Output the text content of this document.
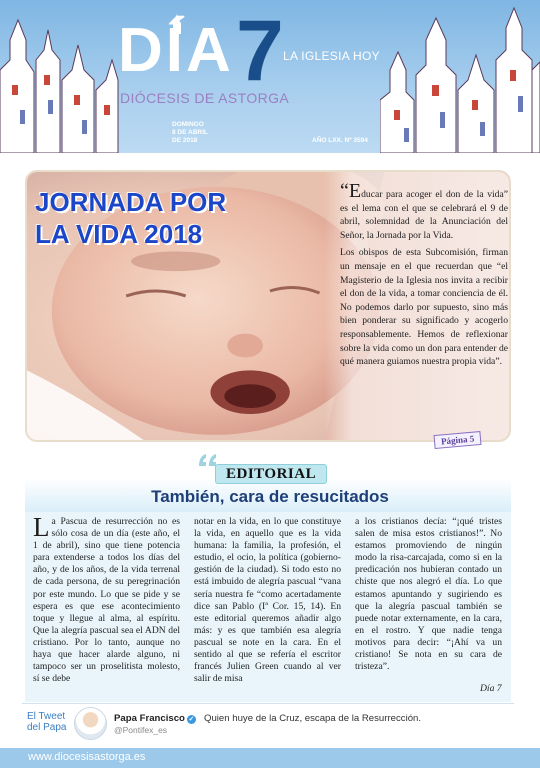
DÍA 7 LA IGLESIA HOY
DIÓCESIS DE ASTORGA
DOMINGO
8 DE ABRIL
DE 2018	AÑO LXX. Nº 3594
JORNADA POR
LA VIDA 2018

“Educar para acoger el don de la vida” es el lema con el que se celebrará el 9 de abril, solemnidad de la Anunciación del Señor, la Jornada por la Vida.

Los obispos de esta Subcomisión, firman un mensaje en el que recuerdan que “el Magisterio de la Iglesia nos invita a recibir el don de la vida, a tomar conciencia de él. No podemos darlo por supuesto, sino más bien ponderar su significado y acogerlo responsablemente. Hemos de reflexionar sobre la vida como un don para entender de qué manera guiamos nuestra propia vida”.

Página 5
EDITORIAL
También, cara de resucitados

La Pascua de resurrección no es sólo cosa de un día (este año, el 1 de abril), sino que tiene potencia para extenderse a todos los días del año, y de los años, de la vida terrenal de cada persona, de su peregrinación por este mundo. Lo que se pide y se espera es que ese acontecimiento toque y llegue al alma, al espíritu. Que la alegría pascual sea el ADN del cristiano. Por lo tanto, aunque no haya que hacer alarde alguno, ni tampoco ser un proselitista molesto, sí se debe

notar en la vida, en lo que constituye la vida, en aquello que es la vida humana: la familia, la profesión, el estudio, el ocio, la política (gobierno-gestión de la ciudad). Si todo esto no está imbuido de alegría pascual “vana sería nuestra fe “como acertadamente dice san Pablo (Iª Cor. 15, 14). En este editorial queremos añadir algo más: y es que también esa alegría pascual se note en la cara. En el sentido al que se refería el escritor francés Julien Green cuando al ver salir de misa

a los cristianos decía: “¡qué tristes salen de misa estos cristianos!”. No estamos promoviendo de ningún modo la risa-carcajada, como si en la predicación nos hubieran contado un chiste que nos alegró el día. Lo que estamos apuntando y sugiriendo es que la alegría pascual también se puede notar externamente, en la cara, en el rostro. Y que nadie tenga motivos para decir: “¡Ahí va un cristiano! Se nota en su cara de tristeza”.

Día 7
El Tweet
del Papa
Papa Francisco ✓
@Pontifex_es
Quien huye de la Cruz, escapa de la Resurrección.
www.diocesisastorga.es
